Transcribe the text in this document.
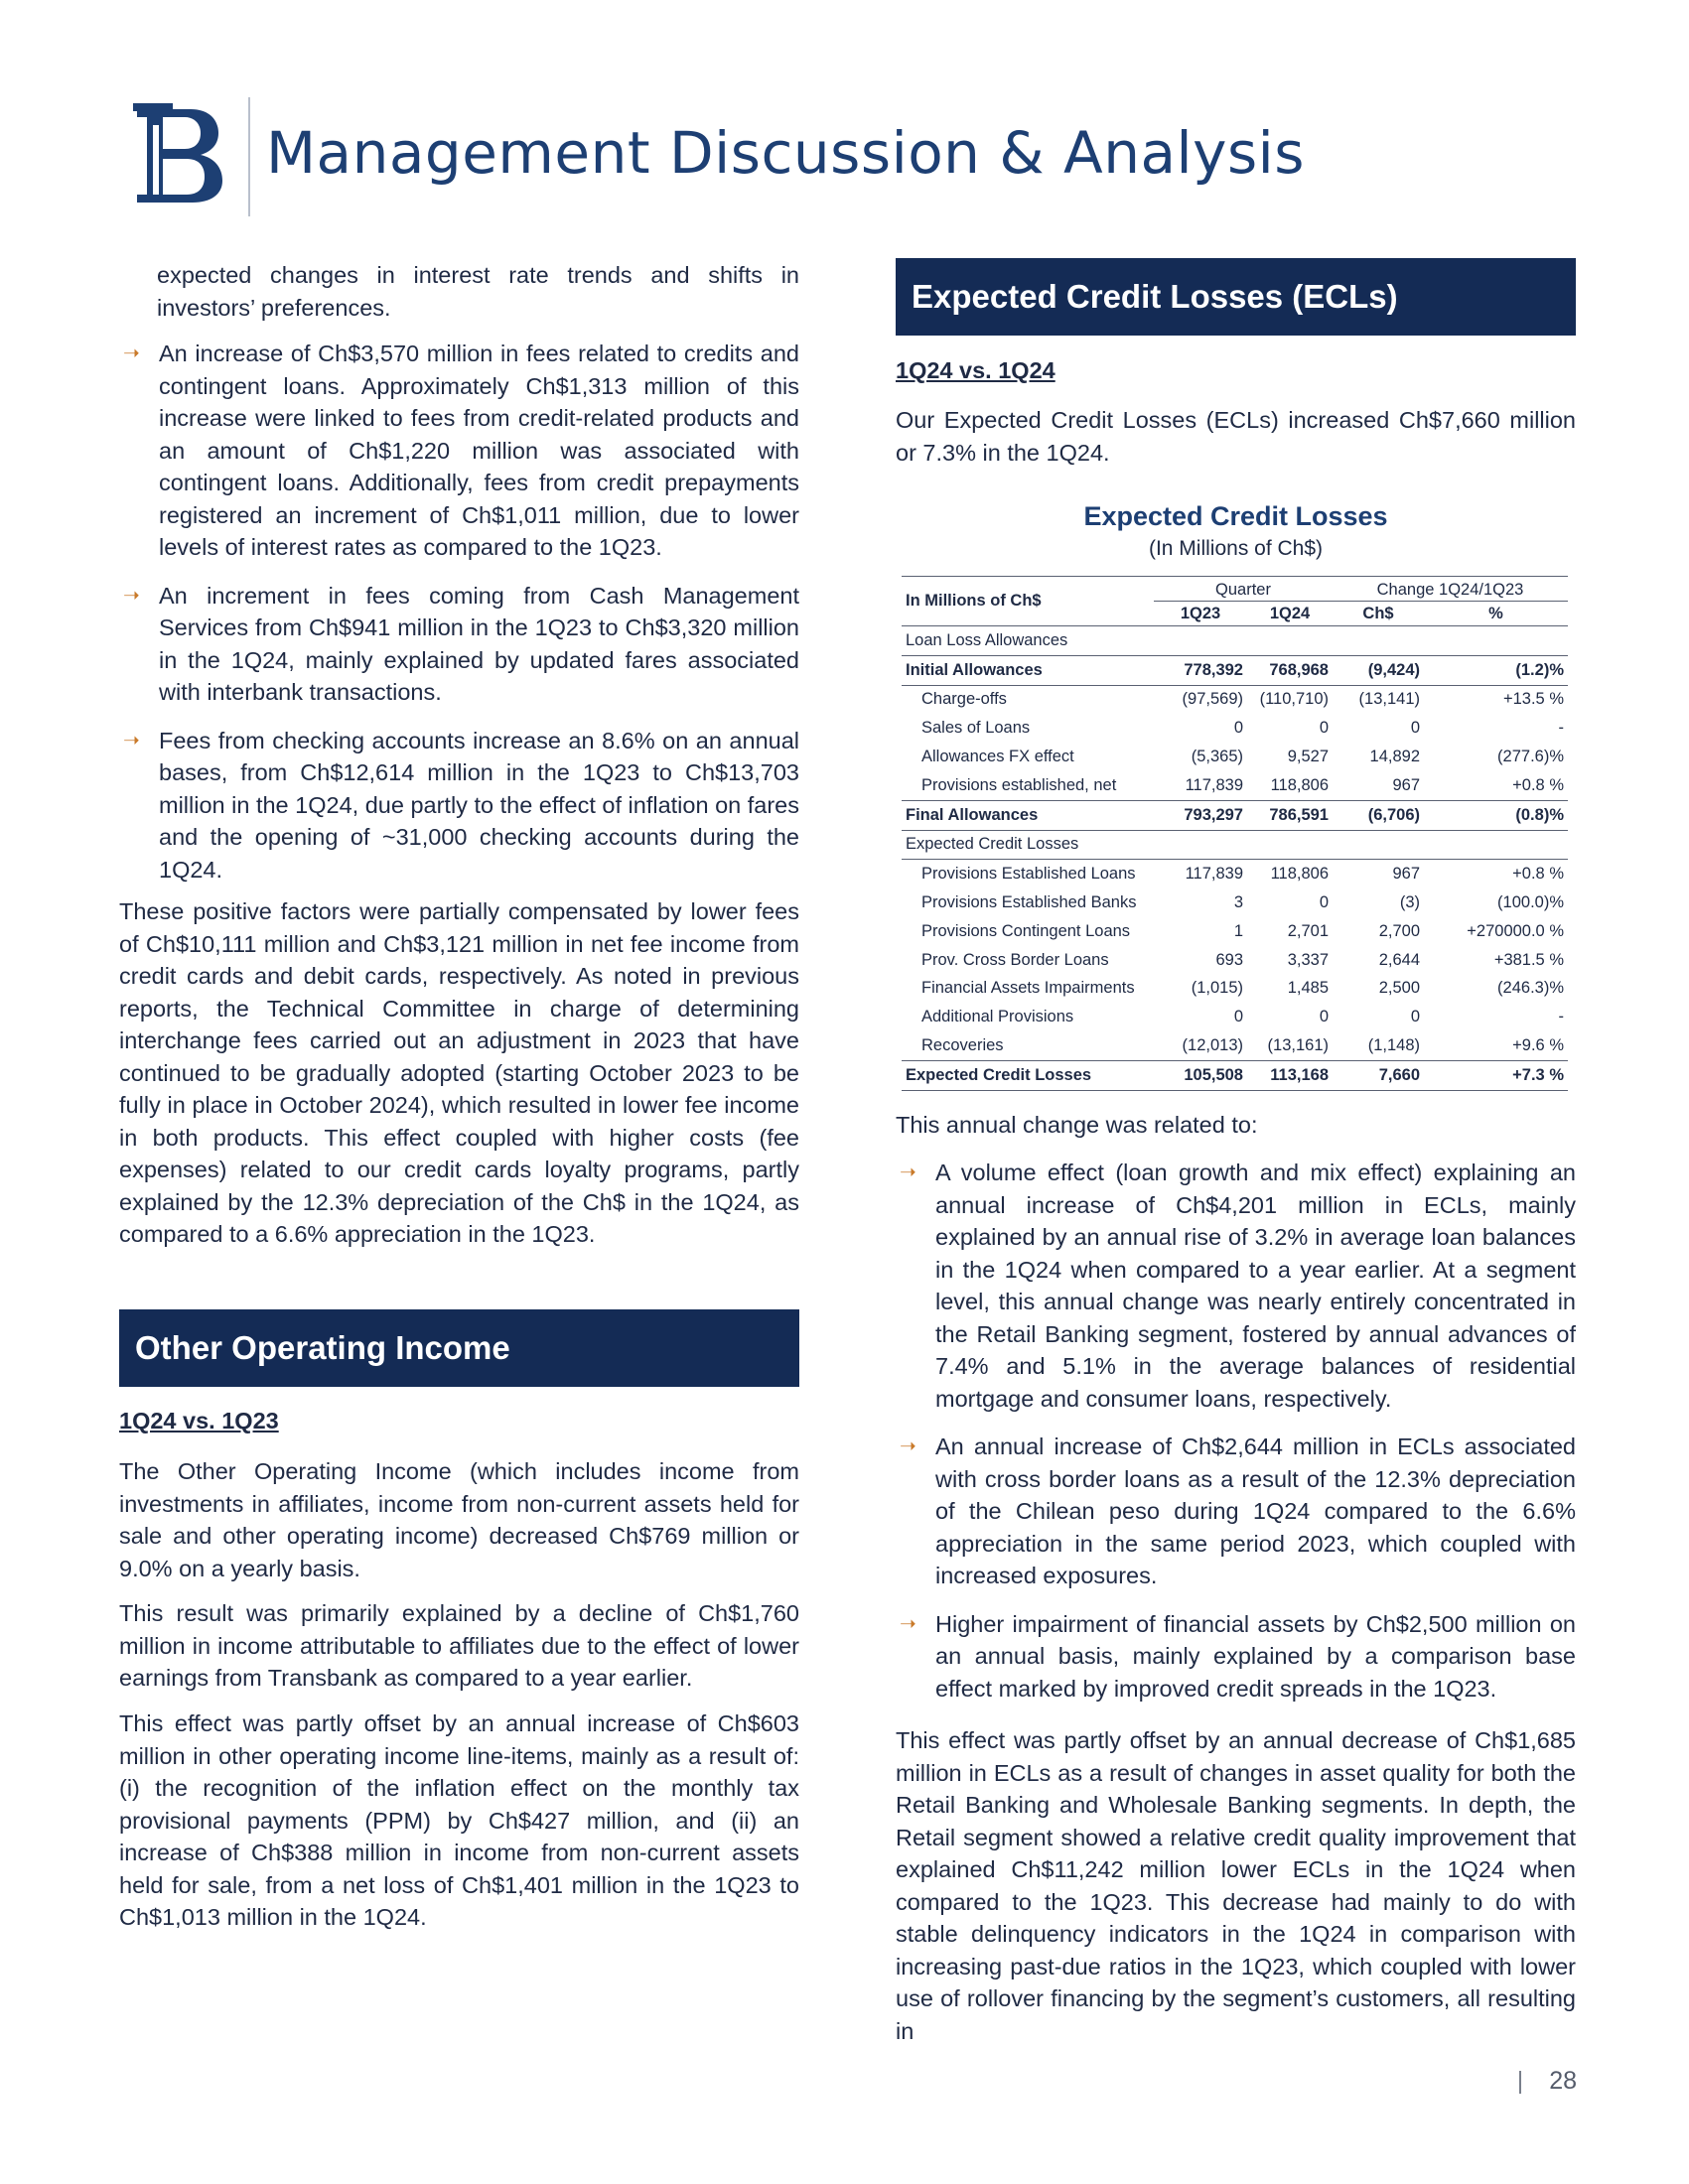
Management Discussion & Analysis

expected changes in interest rate trends and shifts in investors’ preferences.

➝ An increase of Ch$3,570 million in fees related to credits and contingent loans. Approximately Ch$1,313 million of this increase were linked to fees from credit-related products and an amount of Ch$1,220 million was associated with contingent loans. Additionally, fees from credit prepayments registered an increment of Ch$1,011 million, due to lower levels of interest rates as compared to the 1Q23.
➝ An increment in fees coming from Cash Management Services from Ch$941 million in the 1Q23 to Ch$3,320 million in the 1Q24, mainly explained by updated fares associated with interbank transactions.
➝ Fees from checking accounts increase an 8.6% on an annual bases, from Ch$12,614 million in the 1Q23 to Ch$13,703 million in the 1Q24, due partly to the effect of inflation on fares and the opening of ~31,000 checking accounts during the 1Q24.

These positive factors were partially compensated by lower fees of Ch$10,111 million and Ch$3,121 million in net fee income from credit cards and debit cards, respectively. As noted in previous reports, the Technical Committee in charge of determining interchange fees carried out an adjustment in 2023 that have continued to be gradually adopted (starting October 2023 to be fully in place in October 2024), which resulted in lower fee income in both products. This effect coupled with higher costs (fee expenses) related to our credit cards loyalty programs, partly explained by the 12.3% depreciation of the Ch$ in the 1Q24, as compared to a 6.6% appreciation in the 1Q23.

Other Operating Income
1Q24 vs. 1Q23

The Other Operating Income (which includes income from investments in affiliates, income from non-current assets held for sale and other operating income) decreased Ch$769 million or 9.0% on a yearly basis.

This result was primarily explained by a decline of Ch$1,760 million in income attributable to affiliates due to the effect of lower earnings from Transbank as compared to a year earlier.

This effect was partly offset by an annual increase of Ch$603 million in other operating income line-items, mainly as a result of: (i) the recognition of the inflation effect on the monthly tax provisional payments (PPM) by Ch$427 million, and (ii) an increase of Ch$388 million in income from non-current assets held for sale, from a net loss of Ch$1,401 million in the 1Q23 to Ch$1,013 million in the 1Q24.

Expected Credit Losses (ECLs)
1Q24 vs. 1Q24

Our Expected Credit Losses (ECLs) increased Ch$7,660 million or 7.3% in the 1Q24.

Expected Credit Losses
(In Millions of Ch$)
In Millions of Ch$	Quarter		Change 1Q24/1Q23	
	1Q23	1Q24	Ch$	%
Loan Loss Allowances				
Initial Allowances	778,392	768,968	(9,424)	(1.2)%
Charge-offs	(97,569)	(110,710)	(13,141)	+13.5 %
Sales of Loans	0	0	0	-
Allowances FX effect	(5,365)	9,527	14,892	(277.6)%
Provisions established, net	117,839	118,806	967	+0.8 %
Final Allowances	793,297	786,591	(6,706)	(0.8)%
Expected Credit Losses				
Provisions Established Loans	117,839	118,806	967	+0.8 %
Provisions Established Banks	3	0	(3)	(100.0)%
Provisions Contingent Loans	1	2,701	2,700	+270000.0 %
Prov. Cross Border Loans	693	3,337	2,644	+381.5 %
Financial Assets Impairments	(1,015)	1,485	2,500	(246.3)%
Additional Provisions	0	0	0	-
Recoveries	(12,013)	(13,161)	(1,148)	+9.6 %
Expected Credit Losses	105,508	113,168	7,660	+7.3 %

This annual change was related to:

➝ A volume effect (loan growth and mix effect) explaining an annual increase of Ch$4,201 million in ECLs, mainly explained by an annual rise of 3.2% in average loan balances in the 1Q24 when compared to a year earlier. At a segment level, this annual change was nearly entirely concentrated in the Retail Banking segment, fostered by annual advances of 7.4% and 5.1% in the average balances of residential mortgage and consumer loans, respectively.
➝ An annual increase of Ch$2,644 million in ECLs associated with cross border loans as a result of the 12.3% depreciation of the Chilean peso during 1Q24 compared to the 6.6% appreciation in the same period 2023, which coupled with increased exposures.
➝ Higher impairment of financial assets by Ch$2,500 million on an annual basis, mainly explained by a comparison base effect marked by improved credit spreads in the 1Q23.

This effect was partly offset by an annual decrease of Ch$1,685 million in ECLs as a result of changes in asset quality for both the Retail Banking and Wholesale Banking segments. In depth, the Retail segment showed a relative credit quality improvement that explained Ch$11,242 million lower ECLs in the 1Q24 when compared to the 1Q23. This decrease had mainly to do with stable delinquency indicators in the 1Q24 in comparison with increasing past-due ratios in the 1Q23, which coupled with lower use of rollover financing by the segment’s customers, all resulting in

| 28
